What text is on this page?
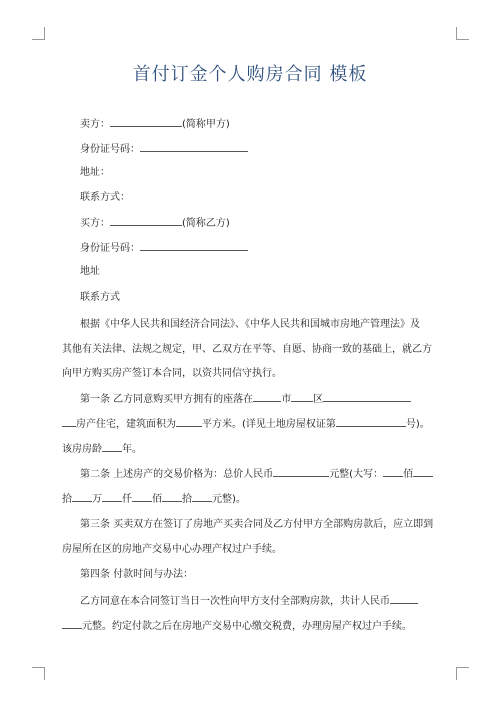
首付订金个人购房合同 模板
卖方：	(简称甲方)
身份证号码：
地址：
联系方式：
买方：	(简称乙方)
身份证号码：
地址
联系方式
根据《中华人民共和国经济合同法》、《中华人民共和国城市房地产管理法》及
其他有关法律、法规之规定，甲、乙双方在平等、自愿、协商一致的基础上，就乙方
向甲方购买房产签订本合同，以资共同信守执行。
第一条 乙方同意购买甲方拥有的座落在	市 区
房产住宅，建筑面积为	平方米。(详见土地房屋权证第	号)。
该房房龄 年。
第二条 上述房产的交易价格为：总价人民币	元整(大写： 佰
拾 万 仟 佰 拾 元整)。
第三条 买卖双方在签订了房地产买卖合同及乙方付甲方全部购房款后，应立即到
房屋所在区的房地产交易中心办理产权过户手续。
第四条 付款时间与办法：
乙方同意在本合同签订当日一次性向甲方支付全部购房款，共计人民币
元整。约定付款之后在房地产交易中心缴交税费，办理房屋产权过户手续。
